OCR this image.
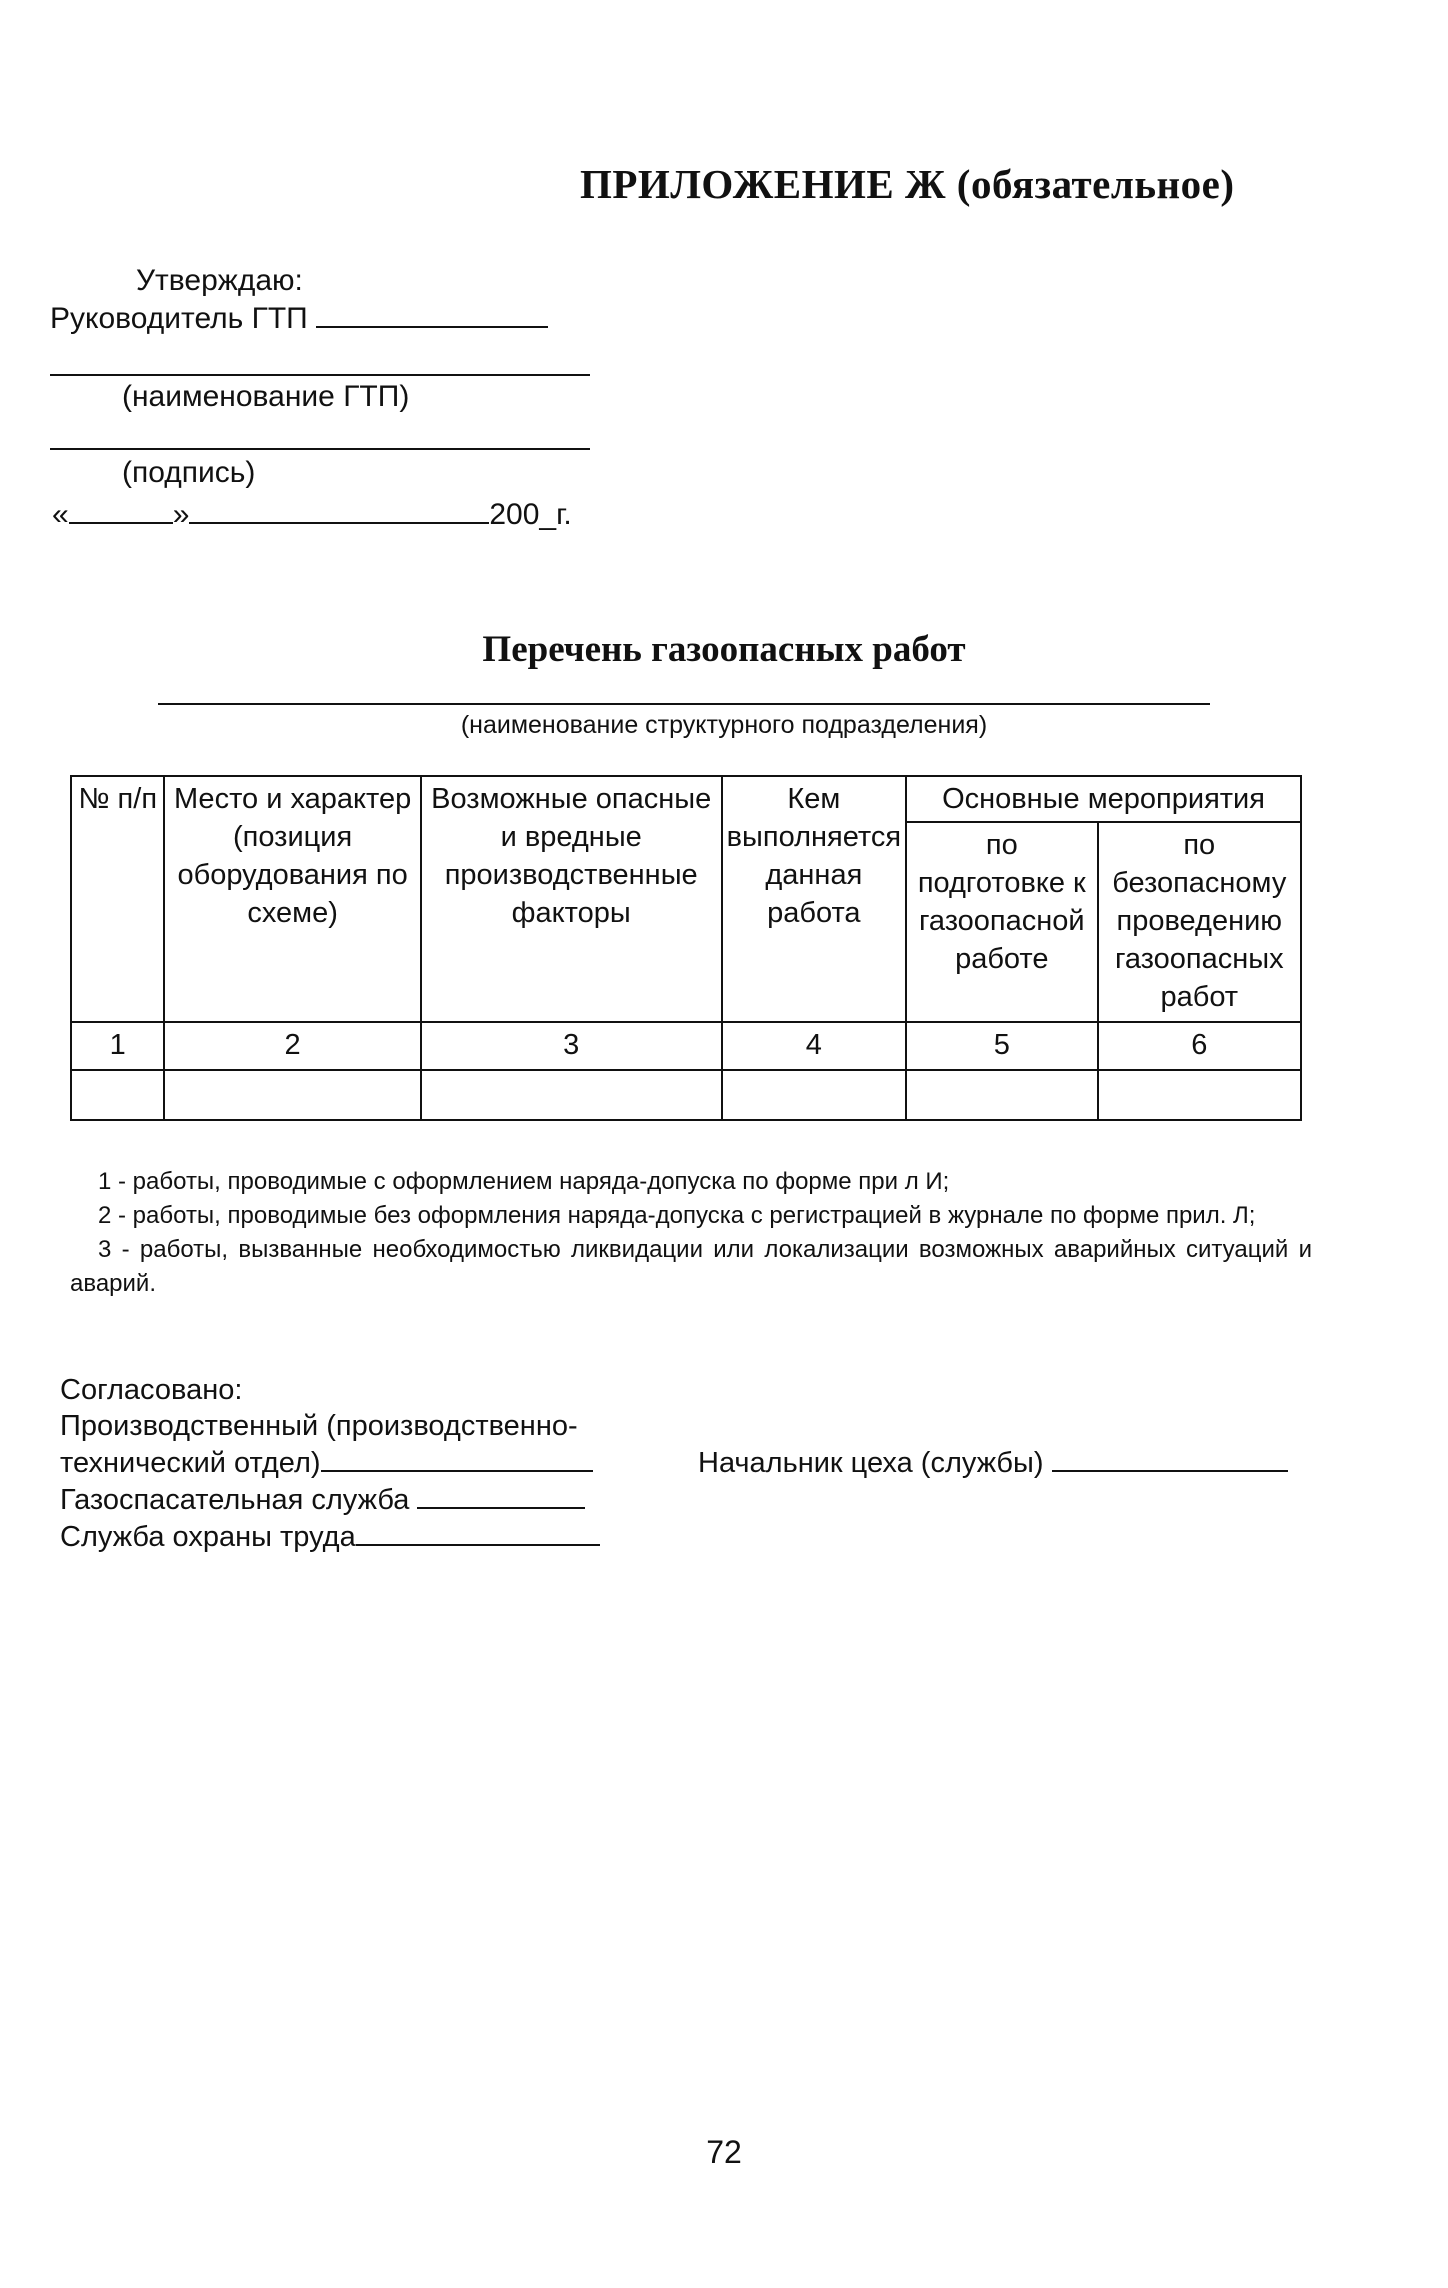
ПРИЛОЖЕНИЕ Ж (обязательное)
Утверждаю:
Руководитель ГТП
(наименование ГТП)
(подпись)
«	»	200_г.
Перечень газоопасных работ
(наименование структурного подразделения)
№ п/п	Место и характер (позиция оборудования по схеме)	Возможные опасные и вредные производственные факторы	Кем выполняется данная работа	Основные мероприятия	
				по подготовке к газоопасной работе	по безопасному проведению газоопасных работ
1	2	3	4	5	6

1 - работы, проводимые с оформлением наряда-допуска по форме при л И;

2 - работы, проводимые без оформления наряда-допуска с регистрацией в журнале по форме прил. Л;

3 - работы, вызванные необходимостью ликвидации или локализации возможных аварийных ситуаций и аварий.

Согласовано:
Производственный (производственно-
технический отдел)
Газоспасательная служба
Служба охраны труда
Начальник цеха (службы)
72
